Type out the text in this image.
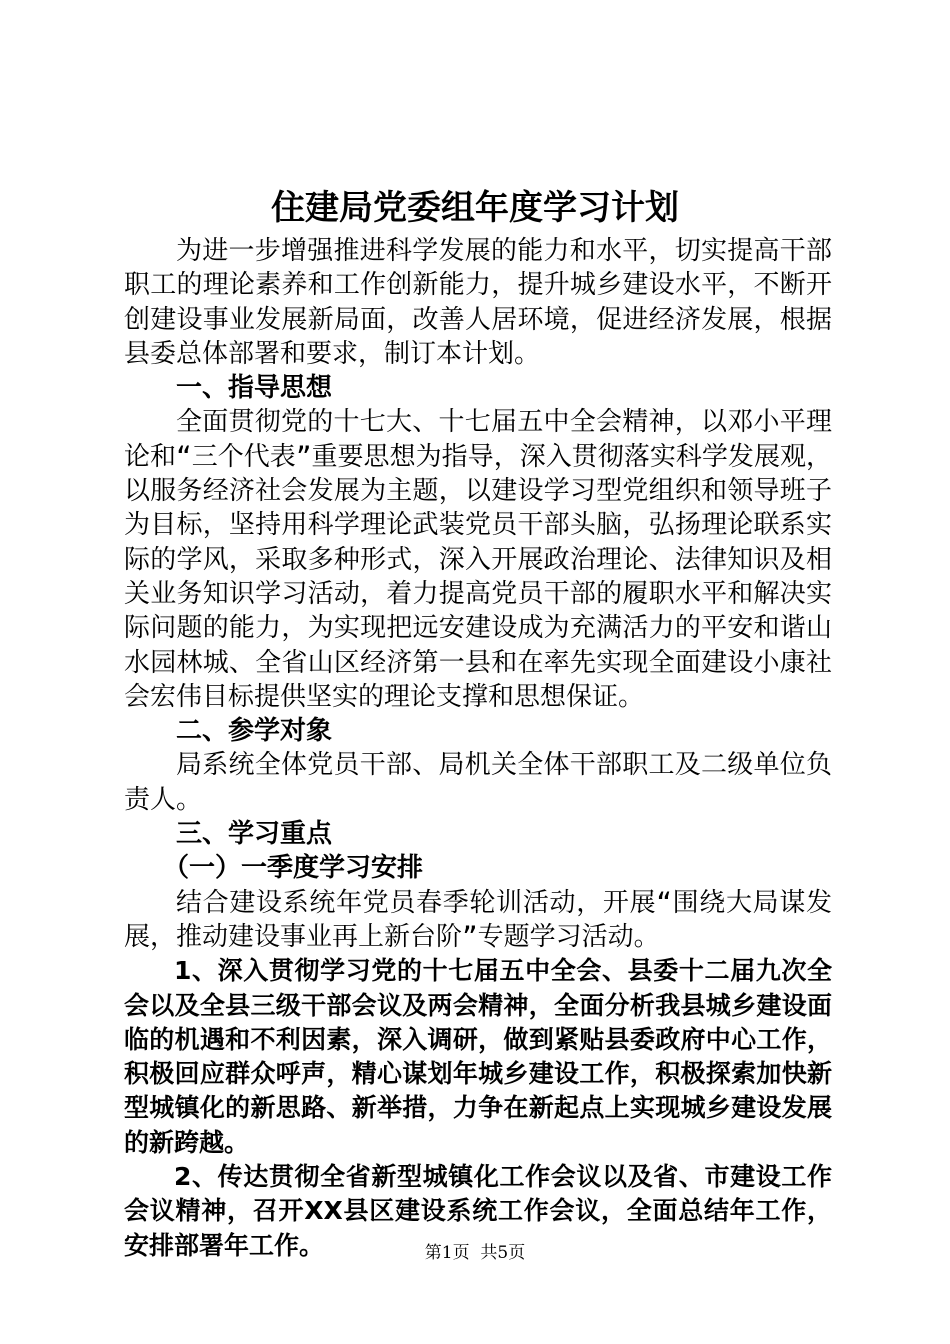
住建局党委组年度学习计划

为进一步增强推进科学发展的能力和水平，切实提高干部职工的理论素养和工作创新能力，提升城乡建设水平，不断开创建设事业发展新局面，改善人居环境，促进经济发展，根据县委总体部署和要求，制订本计划。

一、指导思想

全面贯彻党的十七大、十七届五中全会精神，以邓小平理论和“三个代表”重要思想为指导，深入贯彻落实科学发展观，以服务经济社会发展为主题，以建设学习型党组织和领导班子为目标，坚持用科学理论武装党员干部头脑，弘扬理论联系实际的学风，采取多种形式，深入开展政治理论、法律知识及相关业务知识学习活动，着力提高党员干部的履职水平和解决实际问题的能力，为实现把远安建设成为充满活力的平安和谐山水园林城、全省山区经济第一县和在率先实现全面建设小康社会宏伟目标提供坚实的理论支撑和思想保证。

二、参学对象

局系统全体党员干部、局机关全体干部职工及二级单位负责人。

三、学习重点

（一）一季度学习安排

结合建设系统年党员春季轮训活动，开展“围绕大局谋发展，推动建设事业再上新台阶”专题学习活动。

1、深入贯彻学习党的十七届五中全会、县委十二届九次全会以及全县三级干部会议及两会精神，全面分析我县城乡建设面临的机遇和不利因素，深入调研，做到紧贴县委政府中心工作，积极回应群众呼声，精心谋划年城乡建设工作，积极探索加快新型城镇化的新思路、新举措，力争在新起点上实现城乡建设发展的新跨越。

2、传达贯彻全省新型城镇化工作会议以及省、市建设工作会议精神，召开XX县区建设系统工作会议，全面总结年工作，安排部署年工作。	第1页 共5页
